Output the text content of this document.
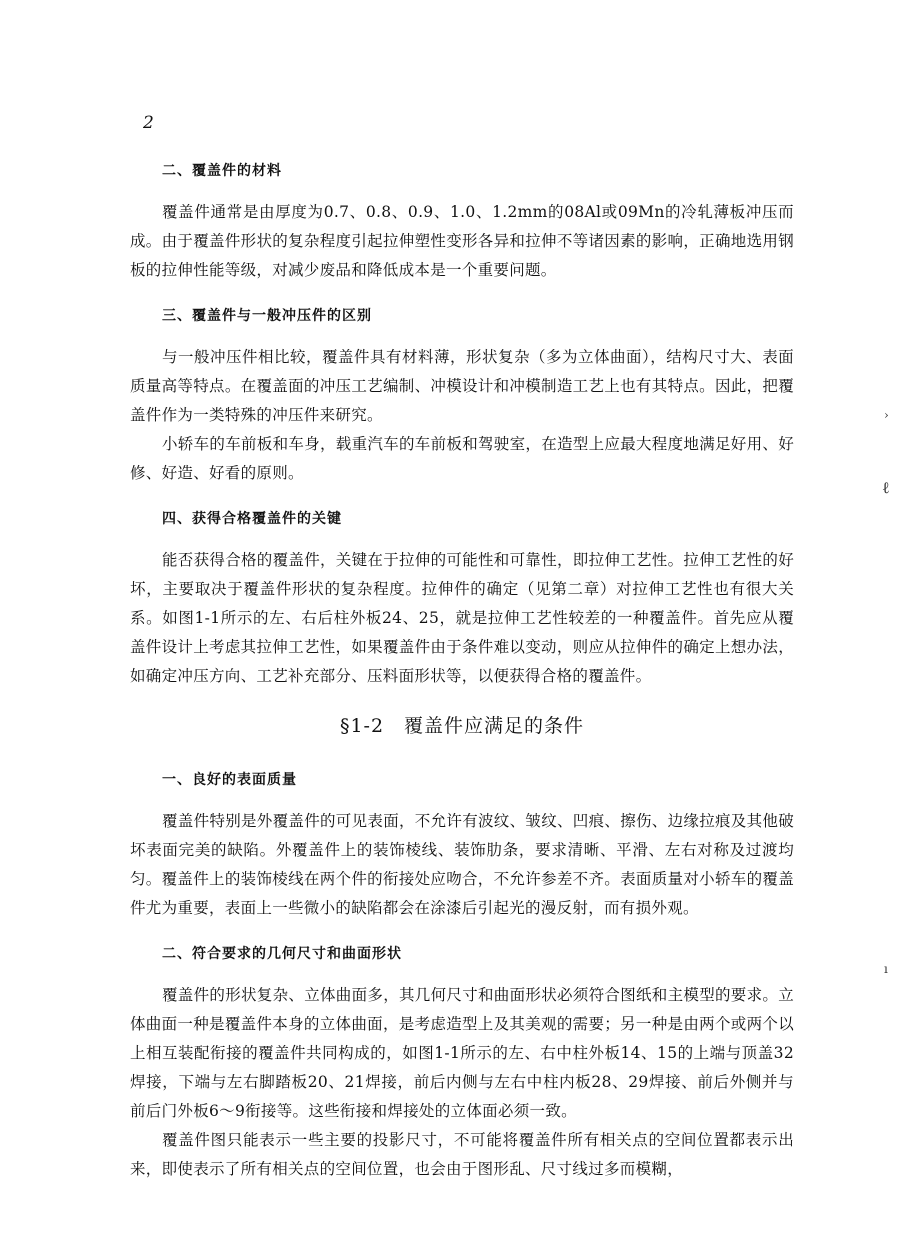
2
二、覆盖件的材料

覆盖件通常是由厚度为0.7、0.8、0.9、1.0、1.2mm的08Al或09Mn的冷轧薄板冲压而成。由于覆盖件形状的复杂程度引起拉伸塑性变形各异和拉伸不等诸因素的影响，正确地选用钢板的拉伸性能等级，对减少废品和降低成本是一个重要问题。

三、覆盖件与一般冲压件的区别

与一般冲压件相比较，覆盖件具有材料薄，形状复杂（多为立体曲面），结构尺寸大、表面质量高等特点。在覆盖面的冲压工艺编制、冲模设计和冲模制造工艺上也有其特点。因此，把覆盖件作为一类特殊的冲压件来研究。

小轿车的车前板和车身，载重汽车的车前板和驾驶室，在造型上应最大程度地满足好用、好修、好造、好看的原则。

四、获得合格覆盖件的关键

能否获得合格的覆盖件，关键在于拉伸的可能性和可靠性，即拉伸工艺性。拉伸工艺性的好坏，主要取决于覆盖件形状的复杂程度。拉伸件的确定（见第二章）对拉伸工艺性也有很大关系。如图1-1所示的左、右后柱外板24、25，就是拉伸工艺性较差的一种覆盖件。首先应从覆盖件设计上考虑其拉伸工艺性，如果覆盖件由于条件难以变动，则应从拉伸件的确定上想办法，如确定冲压方向、工艺补充部分、压料面形状等，以便获得合格的覆盖件。

§1-2　覆盖件应满足的条件
一、良好的表面质量

覆盖件特别是外覆盖件的可见表面，不允许有波纹、皱纹、凹痕、擦伤、边缘拉痕及其他破坏表面完美的缺陷。外覆盖件上的装饰棱线、装饰肋条，要求清晰、平滑、左右对称及过渡均匀。覆盖件上的装饰棱线在两个件的衔接处应吻合，不允许参差不齐。表面质量对小轿车的覆盖件尤为重要，表面上一些微小的缺陷都会在涂漆后引起光的漫反射，而有损外观。

二、符合要求的几何尺寸和曲面形状

覆盖件的形状复杂、立体曲面多，其几何尺寸和曲面形状必须符合图纸和主模型的要求。立体曲面一种是覆盖件本身的立体曲面，是考虑造型上及其美观的需要；另一种是由两个或两个以上相互装配衔接的覆盖件共同构成的，如图1-1所示的左、右中柱外板14、15的上端与顶盖32焊接，下端与左右脚踏板20、21焊接，前后内侧与左右中柱内板28、29焊接、前后外侧并与前后门外板6～9衔接等。这些衔接和焊接处的立体面必须一致。

覆盖件图只能表示一些主要的投影尺寸，不可能将覆盖件所有相关点的空间位置都表示出来，即使表示了所有相关点的空间位置，也会由于图形乱、尺寸线过多而模糊，

›
ℓ
ı
